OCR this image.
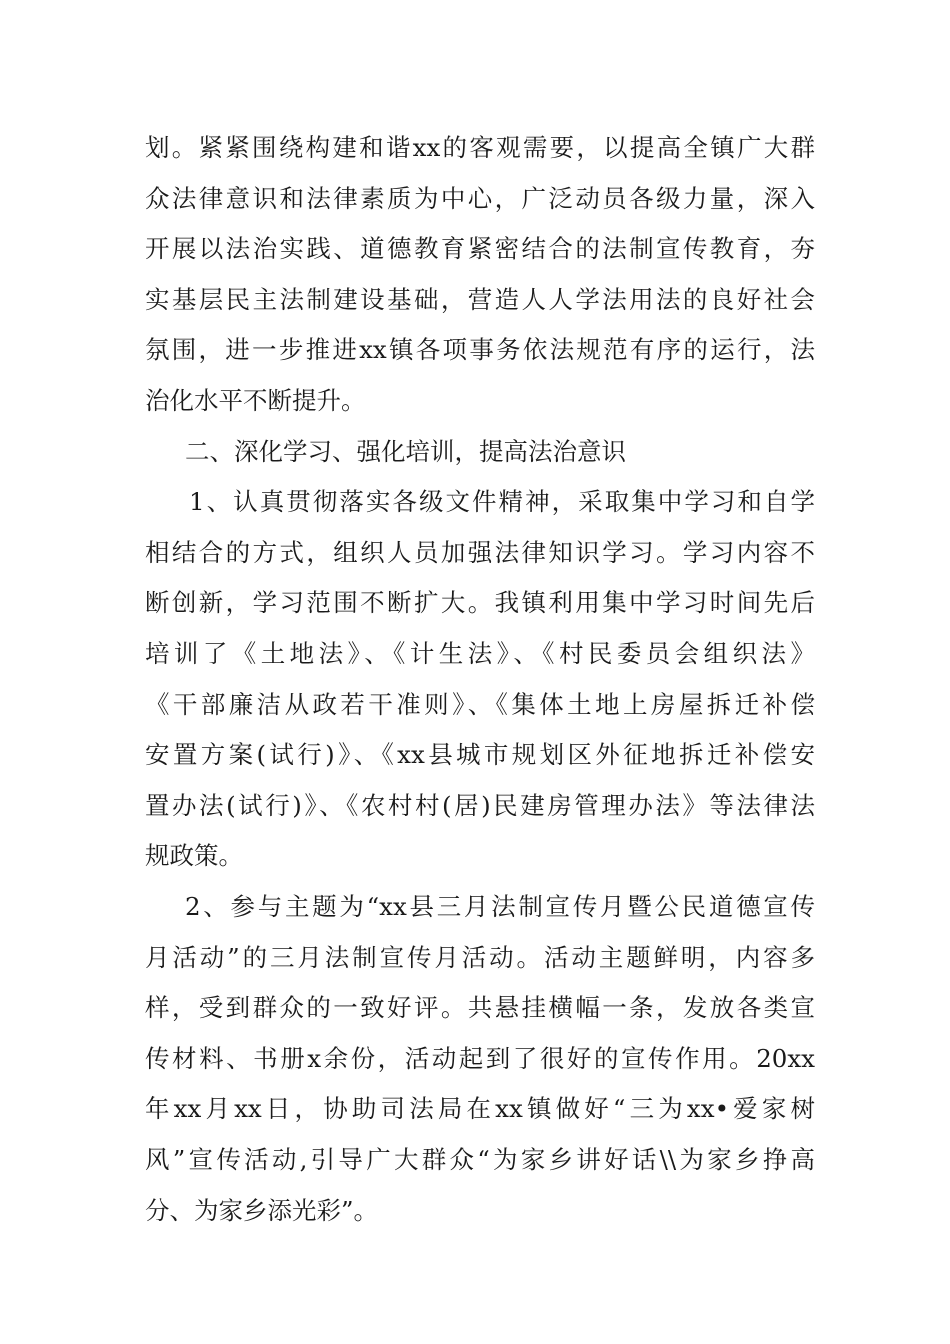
划。紧紧围绕构建和谐xx的客观需要，以提高全镇广大群
众法律意识和法律素质为中心，广泛动员各级力量，深入
开展以法治实践、道德教育紧密结合的法制宣传教育，夯
实基层民主法制建设基础，营造人人学法用法的良好社会
氛围，进一步推进xx镇各项事务依法规范有序的运行，法
治化水平不断提升。
二、深化学习、强化培训，提高法治意识
1、认真贯彻落实各级文件精神，采取集中学习和自学
相结合的方式，组织人员加强法律知识学习。学习内容不
断创新，学习范围不断扩大。我镇利用集中学习时间先后
培训了《土地法》、《计生法》、《村民委员会组织法》
《干部廉洁从政若干准则》、《集体土地上房屋拆迁补偿
安置方案(试行)》、《xx县城市规划区外征地拆迁补偿安
置办法(试行)》、《农村村(居)民建房管理办法》等法律法
规政策。
2、参与主题为“xx县三月法制宣传月暨公民道德宣传
月活动”的三月法制宣传月活动。活动主题鲜明，内容多
样，受到群众的一致好评。共悬挂横幅一条，发放各类宣
传材料、书册x余份，活动起到了很好的宣传作用。20xx
年xx月xx日，协助司法局在xx镇做好“三为xx•爱家树
风”宣传活动,引导广大群众“为家乡讲好话\\为家乡挣高
分、为家乡添光彩”。
